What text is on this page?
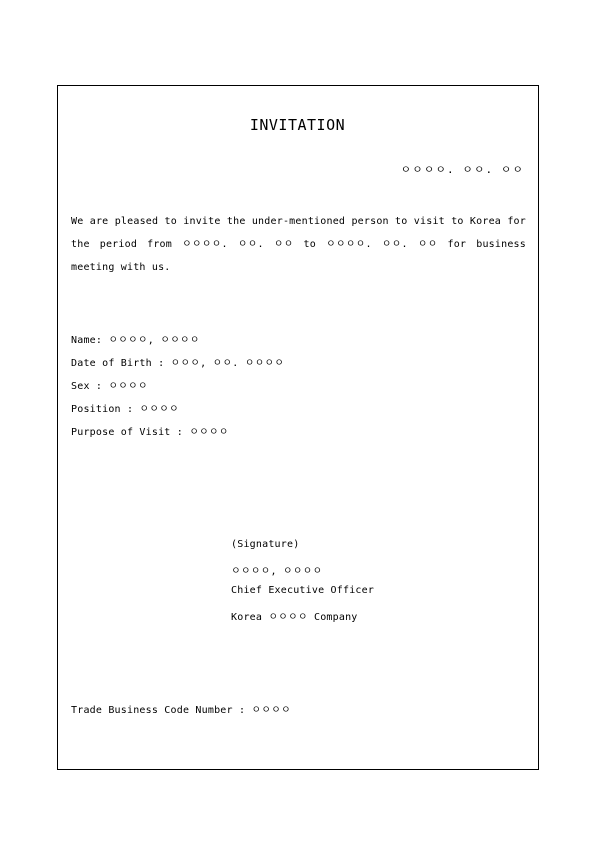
INVITATION
ㅇㅇㅇㅇ. ㅇㅇ. ㅇㅇ
We are pleased to invite the under-mentioned person to visit to Korea for the period from ㅇㅇㅇㅇ. ㅇㅇ. ㅇㅇ to ㅇㅇㅇㅇ. ㅇㅇ. ㅇㅇ for business meeting with us.
Name: ㅇㅇㅇㅇ, ㅇㅇㅇㅇ
Date of Birth : ㅇㅇㅇ, ㅇㅇ. ㅇㅇㅇㅇ
Sex : ㅇㅇㅇㅇ
Position : ㅇㅇㅇㅇ
Purpose of Visit : ㅇㅇㅇㅇ
(Signature)
ㅇㅇㅇㅇ, ㅇㅇㅇㅇ
Chief Executive Officer
Korea ㅇㅇㅇㅇ Company
Trade Business Code Number : ㅇㅇㅇㅇ
